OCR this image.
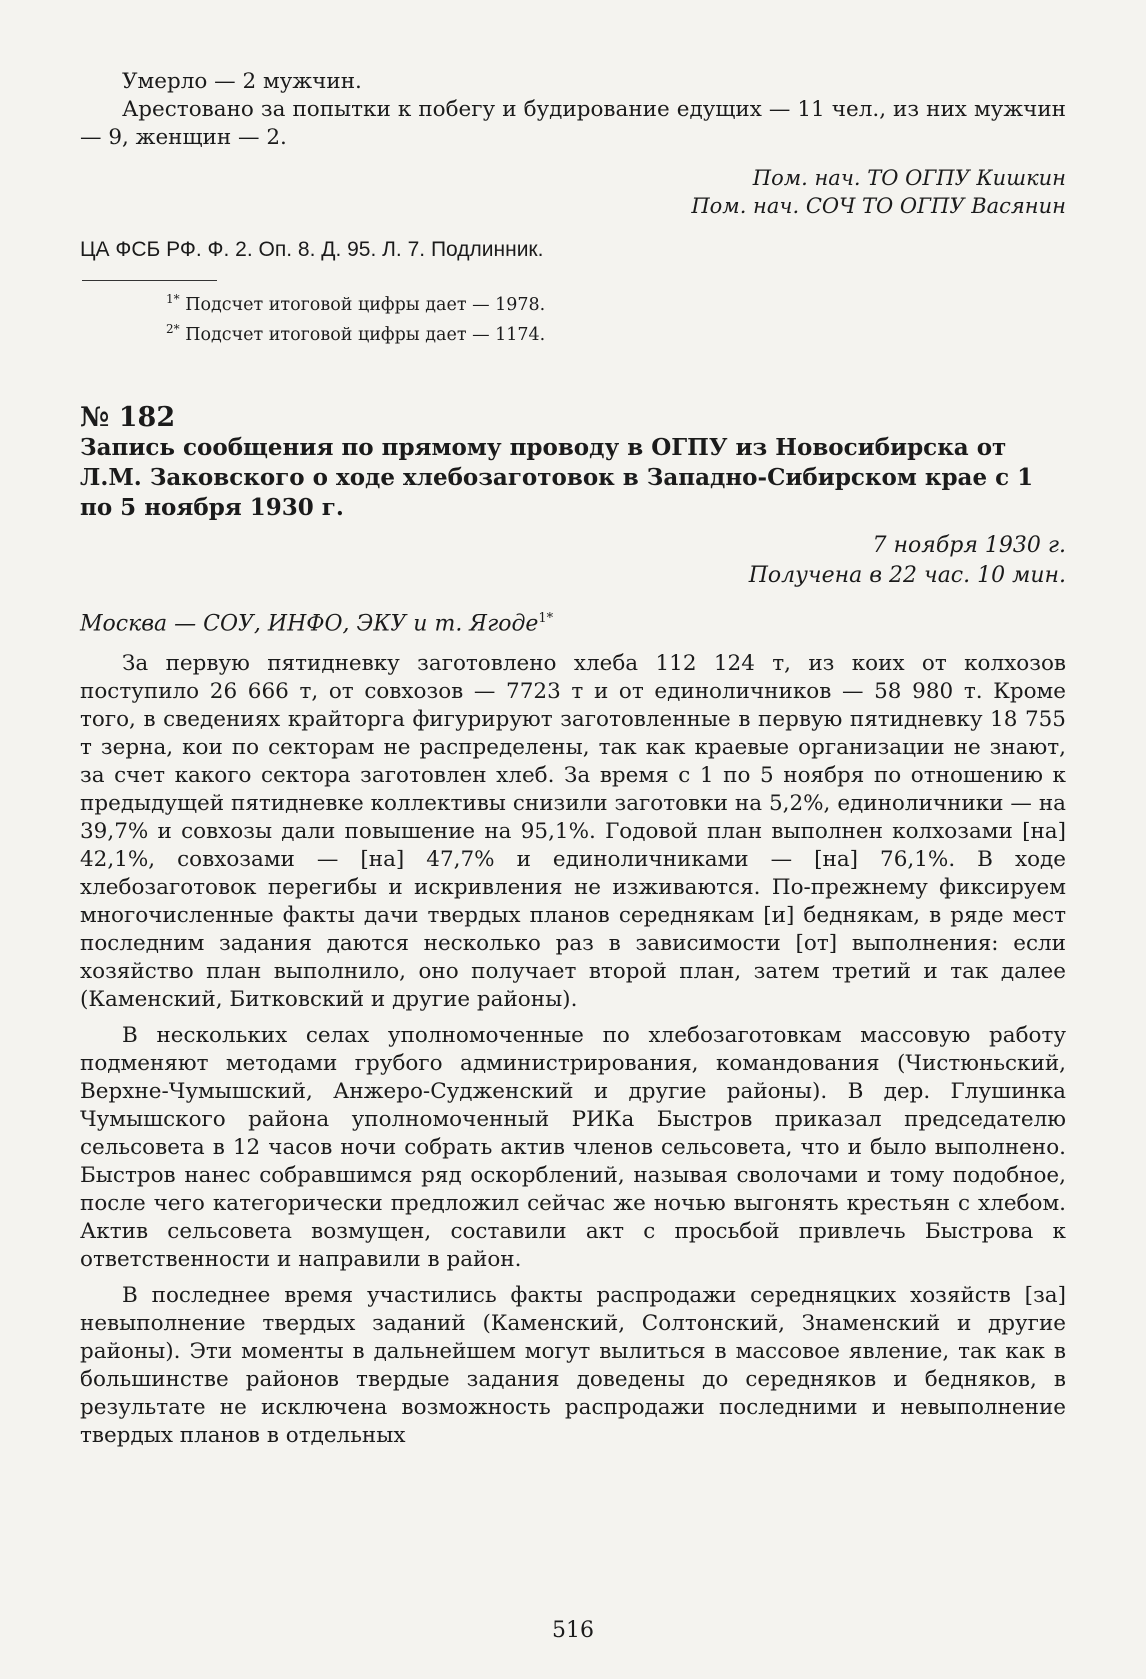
Умерло — 2 мужчин.

Арестовано за попытки к побегу и будирование едущих — 11 чел., из них мужчин — 9, женщин — 2.

Пом. нач. ТО ОГПУ Кишкин

Пом. нач. СОЧ ТО ОГПУ Васянин

ЦА ФСБ РФ. Ф. 2. Оп. 8. Д. 95. Л. 7. Подлинник.

$^{1*}$ Подсчет итоговой цифры дает — 1978.

$^{2*}$ Подсчет итоговой цифры дает — 1174.

№ 182

Запись сообщения по прямому проводу в ОГПУ из Новосибирска от Л.М. Заковского о ходе хлебозаготовок в Западно-Сибирском крае с 1 по 5 ноября 1930 г.

7 ноября 1930 г.

Получена в 22 час. 10 мин.

Москва — СОУ, ИНФО, ЭКУ и т. Ягоде$^{1*}$

За первую пятидневку заготовлено хлеба 112 124 т, из коих от колхозов поступило 26 666 т, от совхозов — 7723 т и от единоличников — 58 980 т. Кроме того, в сведениях крайторга фигурируют заготовленные в первую пятидневку 18 755 т зерна, кои по секторам не распределены, так как краевые организации не знают, за счет какого сектора заготовлен хлеб. За время с 1 по 5 ноября по отношению к предыдущей пятидневке коллективы снизили заготовки на 5,2%, единоличники — на 39,7% и совхозы дали повышение на 95,1%. Годовой план выполнен колхозами [на] 42,1%, совхозами — [на] 47,7% и единоличниками — [на] 76,1%. В ходе хлебозаготовок перегибы и искривления не изживаются. По-прежнему фиксируем многочисленные факты дачи твердых планов середнякам [и] беднякам, в ряде мест последним задания даются несколько раз в зависимости [от] выполнения: если хозяйство план выполнило, оно получает второй план, затем третий и так далее (Каменский, Битковский и другие районы).

В нескольких селах уполномоченные по хлебозаготовкам массовую работу подменяют методами грубого администрирования, командования (Чистюньский, Верхне-Чумышский, Анжеро-Судженский и другие районы). В дер. Глушинка Чумышского района уполномоченный РИКа Быстров приказал председателю сельсовета в 12 часов ночи собрать актив членов сельсовета, что и было выполнено. Быстров нанес собравшимся ряд оскорблений, называя сволочами и тому подобное, после чего категорически предложил сейчас же ночью выгонять крестьян с хлебом. Актив сельсовета возмущен, составили акт с просьбой привлечь Быстрова к ответственности и направили в район.

В последнее время участились факты распродажи середняцких хозяйств [за] невыполнение твердых заданий (Каменский, Солтонский, Знаменский и другие районы). Эти моменты в дальнейшем могут вылиться в массовое явление, так как в большинстве районов твердые задания доведены до середняков и бедняков, в результате не исключена возможность распродажи последними и невыполнение твердых планов в отдельных

516
